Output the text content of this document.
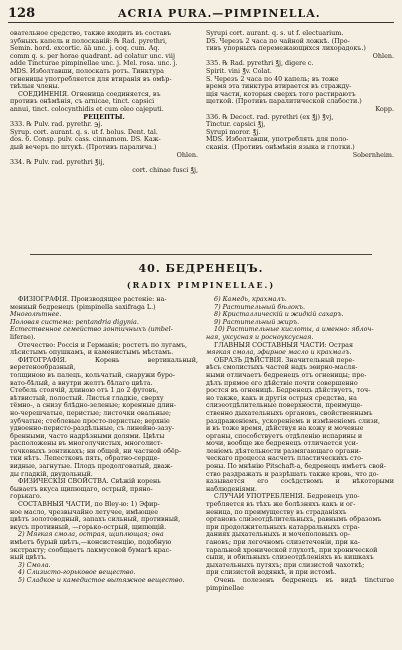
128	ACRIA PURA.—PIMPINELLA.

овательное средство, также входить въ составъ

зубныхъ капель и полосканiй: ℞ Rad. pyrethri,

Semin. hord. excortic. ää unc. j. coq. cum. Aq.

comm q. s. per horae quadrant. ad colatur unc. viij

adde Tincturae pimpinellae unc. j. Mel. rosa. unc. j.

MDS. Изболтавши, полоскать ротъ. Тинктура

огненицы употребляется для втиранiя въ омѣр-

твѣлыя члены.

СОЕДИНЕНIЯ. Огненица соединяется, въ

противъ онѣмѣнiя, съ arnicae, tinct. capsici

annui, tinct. colocynthidis et cum oleo cajeputi.

РЕЦЕПТЫ.

333. ℞ Pulv. rad. pyrethr. ℈j.

Syrup. cort. aurant. q. s. ut f. bolus. Dent. tal.

dos. 6. Consp. pulv. cass. cinnamom. DS. Каж-

дый вечеръ по штукѣ. (Противъ паралича.)

Ohlen.

334. ℞ Pulv. rad. pyrethri ℥ij,

cort. chinae fusci ℥j,

Syrupi cort. aurant. q. s. ut f. electuarium.

DS. Черезъ 2 часа по чайной ложкѣ. (Про-

тивъ упорныхъ перемежающихся лихорадокъ.)

Ohlen.

335. ℞ Rad. pyrethri ℥j, digere c.

Spirit. vini ℥v. Colat.

S. Черезъ 2 часа по 40 капель; въ тоже

время эта тинктура втирается въ стражду-

щiя части, которыя сверхъ того растираютъ

щеткой. (Противъ паралитической слабости.)

Kopp.

336. ℞ Decoct. rad. pyrethri (ex ℥j) ℥vj,

Tinctur. capsici ℥j,

Syrupi moror. ℥j.

MDS. Изболтавши, употреблять для поло-

сканiя. (Противъ онѣмѣнiя языка и глотки.)

Sobernheim.

40. БЕДРЕНЕЦЪ.
(RADIX PIMPINELLAE.)

ФИЗIОГРАФIЯ. Производящее растенiе: на-

менный бедренецъ (pimpinella saxifraga L.)

Многолѣтнее.

Половая система: pentandria digynia.

Естественное семейство зонтичныхъ (umbel-

liferae).

Отечество: Россiя и Германiя; ростетъ по лугамъ,

лѣсистымъ опушкамъ, и каменистымъ мѣстамъ.

ФИТОГРАФIЯ. Корень вертикальный, веретенообразный,

толщиною въ палецъ, кольчатый, снаружи буро-

вато-бѣлый, а внутри желтъ бѣлаго цвѣта.

Стебель стоячiй, длиною отъ 1 до 2 футовъ,

вѣтвистый, полостый. Листья гладкiе, сверху

тёмно-, а снизу блѣдно-зеленые; коренные длин-

но-черешчатые, перистые; листочки овальные;

зубчатые; стеблевые просто-перистые; верхнiе

удвоенно-перисто-раздѣльные, съ линейно-зазу-

бренными, часто надрѣзными долями. Цвѣты

расположены въ многолучистых, многолист-

точковыхъ зонтикахъ; ни общей, ни частной обёр-

тки нѣтъ. Лепестковъ пять, обратно-сердце-

видные, загнутые. Плодъ продолговатый, дваж-

ды гладкiй, двудольный.

ФИЗИЧЕСКIЯ СВОЙСТВА. Свѣжiй корень

бываетъ вкуса щипющаго, острый, пряно-

горькаго.

СОСТАВНЫЯ ЧАСТИ, по Bley-ю: 1) Эфир-

ное масло, чрезвычайно летучее, имѣющее

цвѣтъ золотоводный, запахъ сильный, противный,

вкусъ противный, —горько-острый, щипющiй.

2) Мягкая смола, острая, щиплющая; она

имѣетъ бурый цвѣтъ,—консистенцiю, подобную

экстракту; сообщаетъ лакмусовой бумагѣ крас-

ный цвѣтъ.

3) Смола.

4) Слизисто-горьковое вещество.

5) Сладкое и камедистое вытяжное вещество.

6) Камедь, крахмалъ.

7) Растительный бѣлокъ.

8) Кристаллическiй и жидкiй сахаръ.

9) Растительный жиръ.

10) Растительные кислоты, а именно: яблоч-

ная, уксусная и росноуксусная.

ГЛАВНЫЯ СОСТАВНЫЯ ЧАСТИ: Острая

мягкая смола, эфирное масло и крахмалъ.

ОБРАЗЪ ДѢЙСТВIЯ. Значительный пере-

вѣсъ смолистыхъ частей надъ эѳирно-масля-

ными отличаетъ бедренецъ отъ огненицы; пре-

дѣлъ прямое его дѣйствiе почти совершенно

ростся въ огненицѣ. Бедренецъ дѣйствуетъ, точ-

но также, какъ и другiя острыя средства, на

слизеотдѣлительные поверхности, преимуще-

ственно дыхательныхъ органовъ, свойственнымъ

раздраженiемъ, ускоренiемъ и измѣненiемъ слизи,

и въ тоже время, дѣйствуя на кожу и мочевые

органы, способствуетъ отдѣленiю испарины и

мочи, вообще же бедренецъ отличается уси-

ленiемъ дѣятельности размягающаго органи-

ческаго процесса насчетъ пластическихъ сто-

роны. По мнѣнiю Pitschaft-а, бедренецъ имѣетъ свой-

ство раздражать и разрѣшать также кровь, что до-

казывается его сосѣдствомъ и нѣкоторыми наблюденiями.

СЛУЧАИ УПОТРЕБЛЕНIЯ. Бедренецъ упо-

требляется въ тѣхъ же болѣзняхъ какъ и ог-

неница, по преимуществу въ страданiяхъ

органовъ слизеотдѣлительныхъ, равнымъ образомъ

при продолжительныхъ катарральныхъ стра-

даниях дыхательныхъ и мочеполовыхъ ор-

гановъ; при легочномъ слизетеченiи, при ка-

таральной хронической глухотѣ, при хронической

сыпи, и обильныхъ слизеотдѣленiяхъ въ кишкахъ

дыхательныхъ путяхъ; при слизистой чахоткѣ;

при слизистой водянкѣ, и при истомѣ.

Очень полезенъ бедренецъ въ видѣ tincturae pimpinellae
